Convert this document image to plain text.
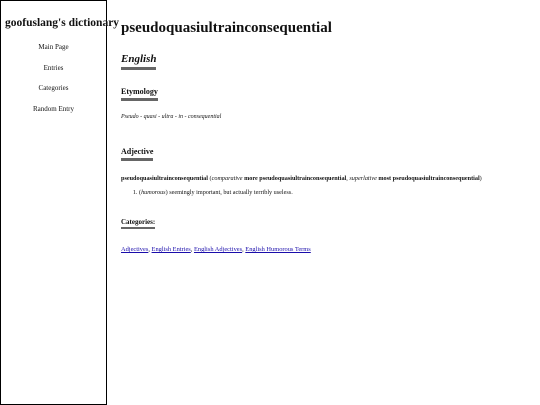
goofuslang's dictionary
Main Page
Entries
Categories
Random Entry
pseudoquasiultrainconsequential
English
Etymology

Pseudo - quasi - ultra - in - consequential

Adjective

pseudoquasiultrainconsequential (comparative more pseudoquasiultrainconsequential, superlative most pseudoquasiultrainconsequential)

1. (humorous) seemingly important, but actually terribly useless.
Categories:

Adjectives, English Entries, English Adjectives, English Humorous Terms
